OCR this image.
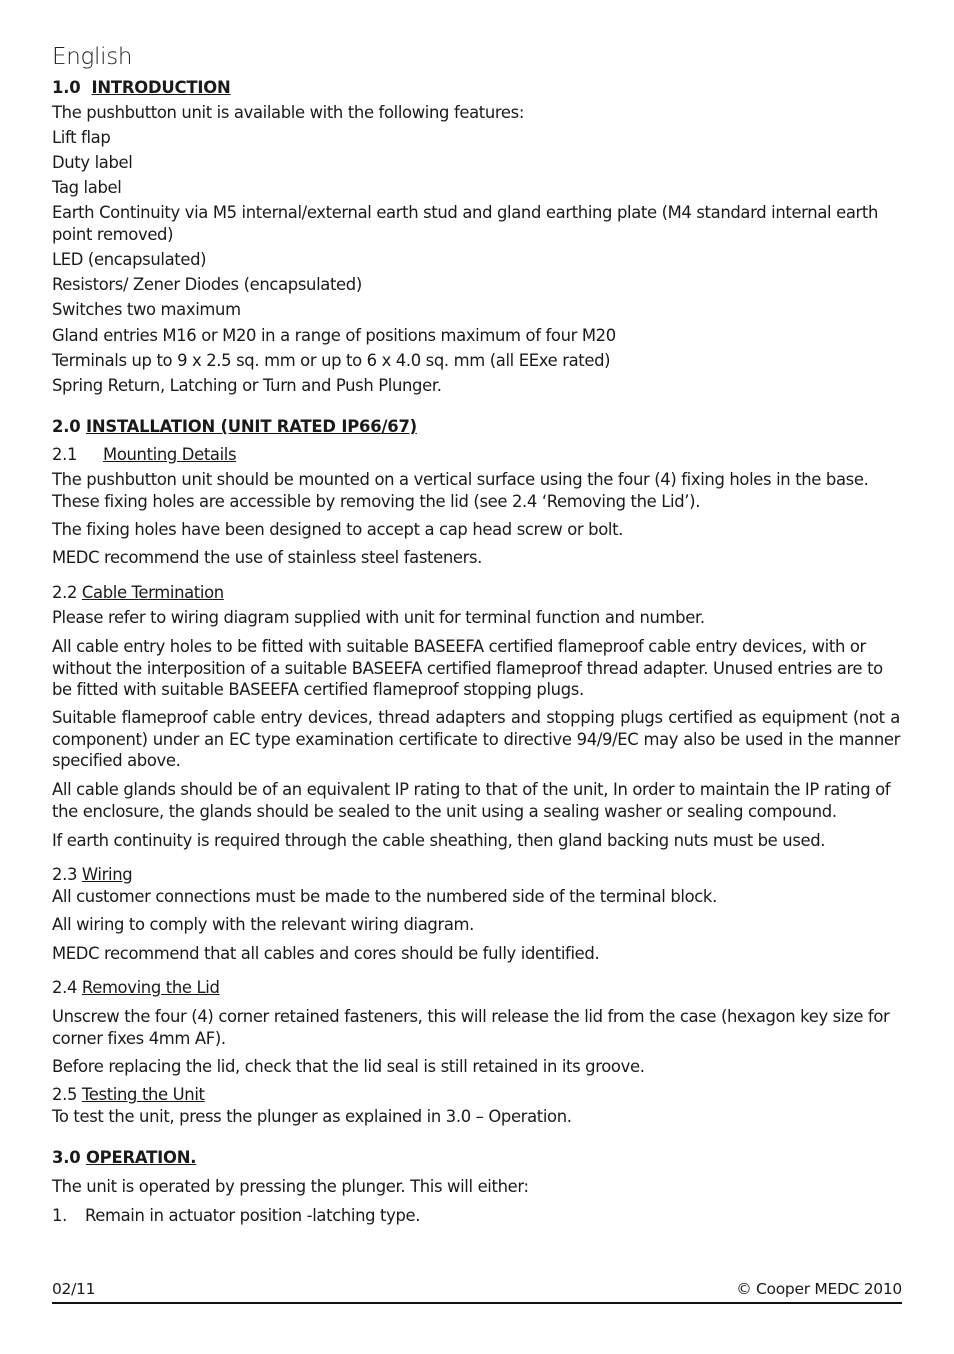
English
1.0 INTRODUCTION
The pushbutton unit is available with the following features:
Lift flap
Duty label
Tag label
Earth Continuity via M5 internal/external earth stud and gland earthing plate (M4 standard internal earth point removed)
LED (encapsulated)
Resistors/ Zener Diodes (encapsulated)
Switches two maximum
Gland entries M16 or M20 in a range of positions maximum of four M20
Terminals up to 9 x 2.5 sq. mm or up to 6 x 4.0 sq. mm (all EExe rated)
Spring Return, Latching or Turn and Push Plunger.
2.0 INSTALLATION (UNIT RATED IP66/67)
2.1 Mounting Details
The pushbutton unit should be mounted on a vertical surface using the four (4) fixing holes in the base. These fixing holes are accessible by removing the lid (see 2.4 ‘Removing the Lid’).
The fixing holes have been designed to accept a cap head screw or bolt.
MEDC recommend the use of stainless steel fasteners.
2.2 Cable Termination
Please refer to wiring diagram supplied with unit for terminal function and number.
All cable entry holes to be fitted with suitable BASEEFA certified flameproof cable entry devices, with or without the interposition of a suitable BASEEFA certified flameproof thread adapter. Unused entries are to be fitted with suitable BASEEFA certified flameproof stopping plugs.
Suitable flameproof cable entry devices, thread adapters and stopping plugs certified as equipment (not a component) under an EC type examination certificate to directive 94/9/EC may also be used in the manner specified above.
All cable glands should be of an equivalent IP rating to that of the unit, In order to maintain the IP rating of the enclosure, the glands should be sealed to the unit using a sealing washer or sealing compound.
If earth continuity is required through the cable sheathing, then gland backing nuts must be used.
2.3 Wiring
All customer connections must be made to the numbered side of the terminal block.
All wiring to comply with the relevant wiring diagram.
MEDC recommend that all cables and cores should be fully identified.
2.4 Removing the Lid
Unscrew the four (4) corner retained fasteners, this will release the lid from the case (hexagon key size for corner fixes 4mm AF).
Before replacing the lid, check that the lid seal is still retained in its groove.
2.5 Testing the Unit
To test the unit, press the plunger as explained in 3.0 – Operation.
3.0 OPERATION.
The unit is operated by pressing the plunger. This will either:
1. Remain in actuator position -latching type.
02/11	© Cooper MEDC 2010
